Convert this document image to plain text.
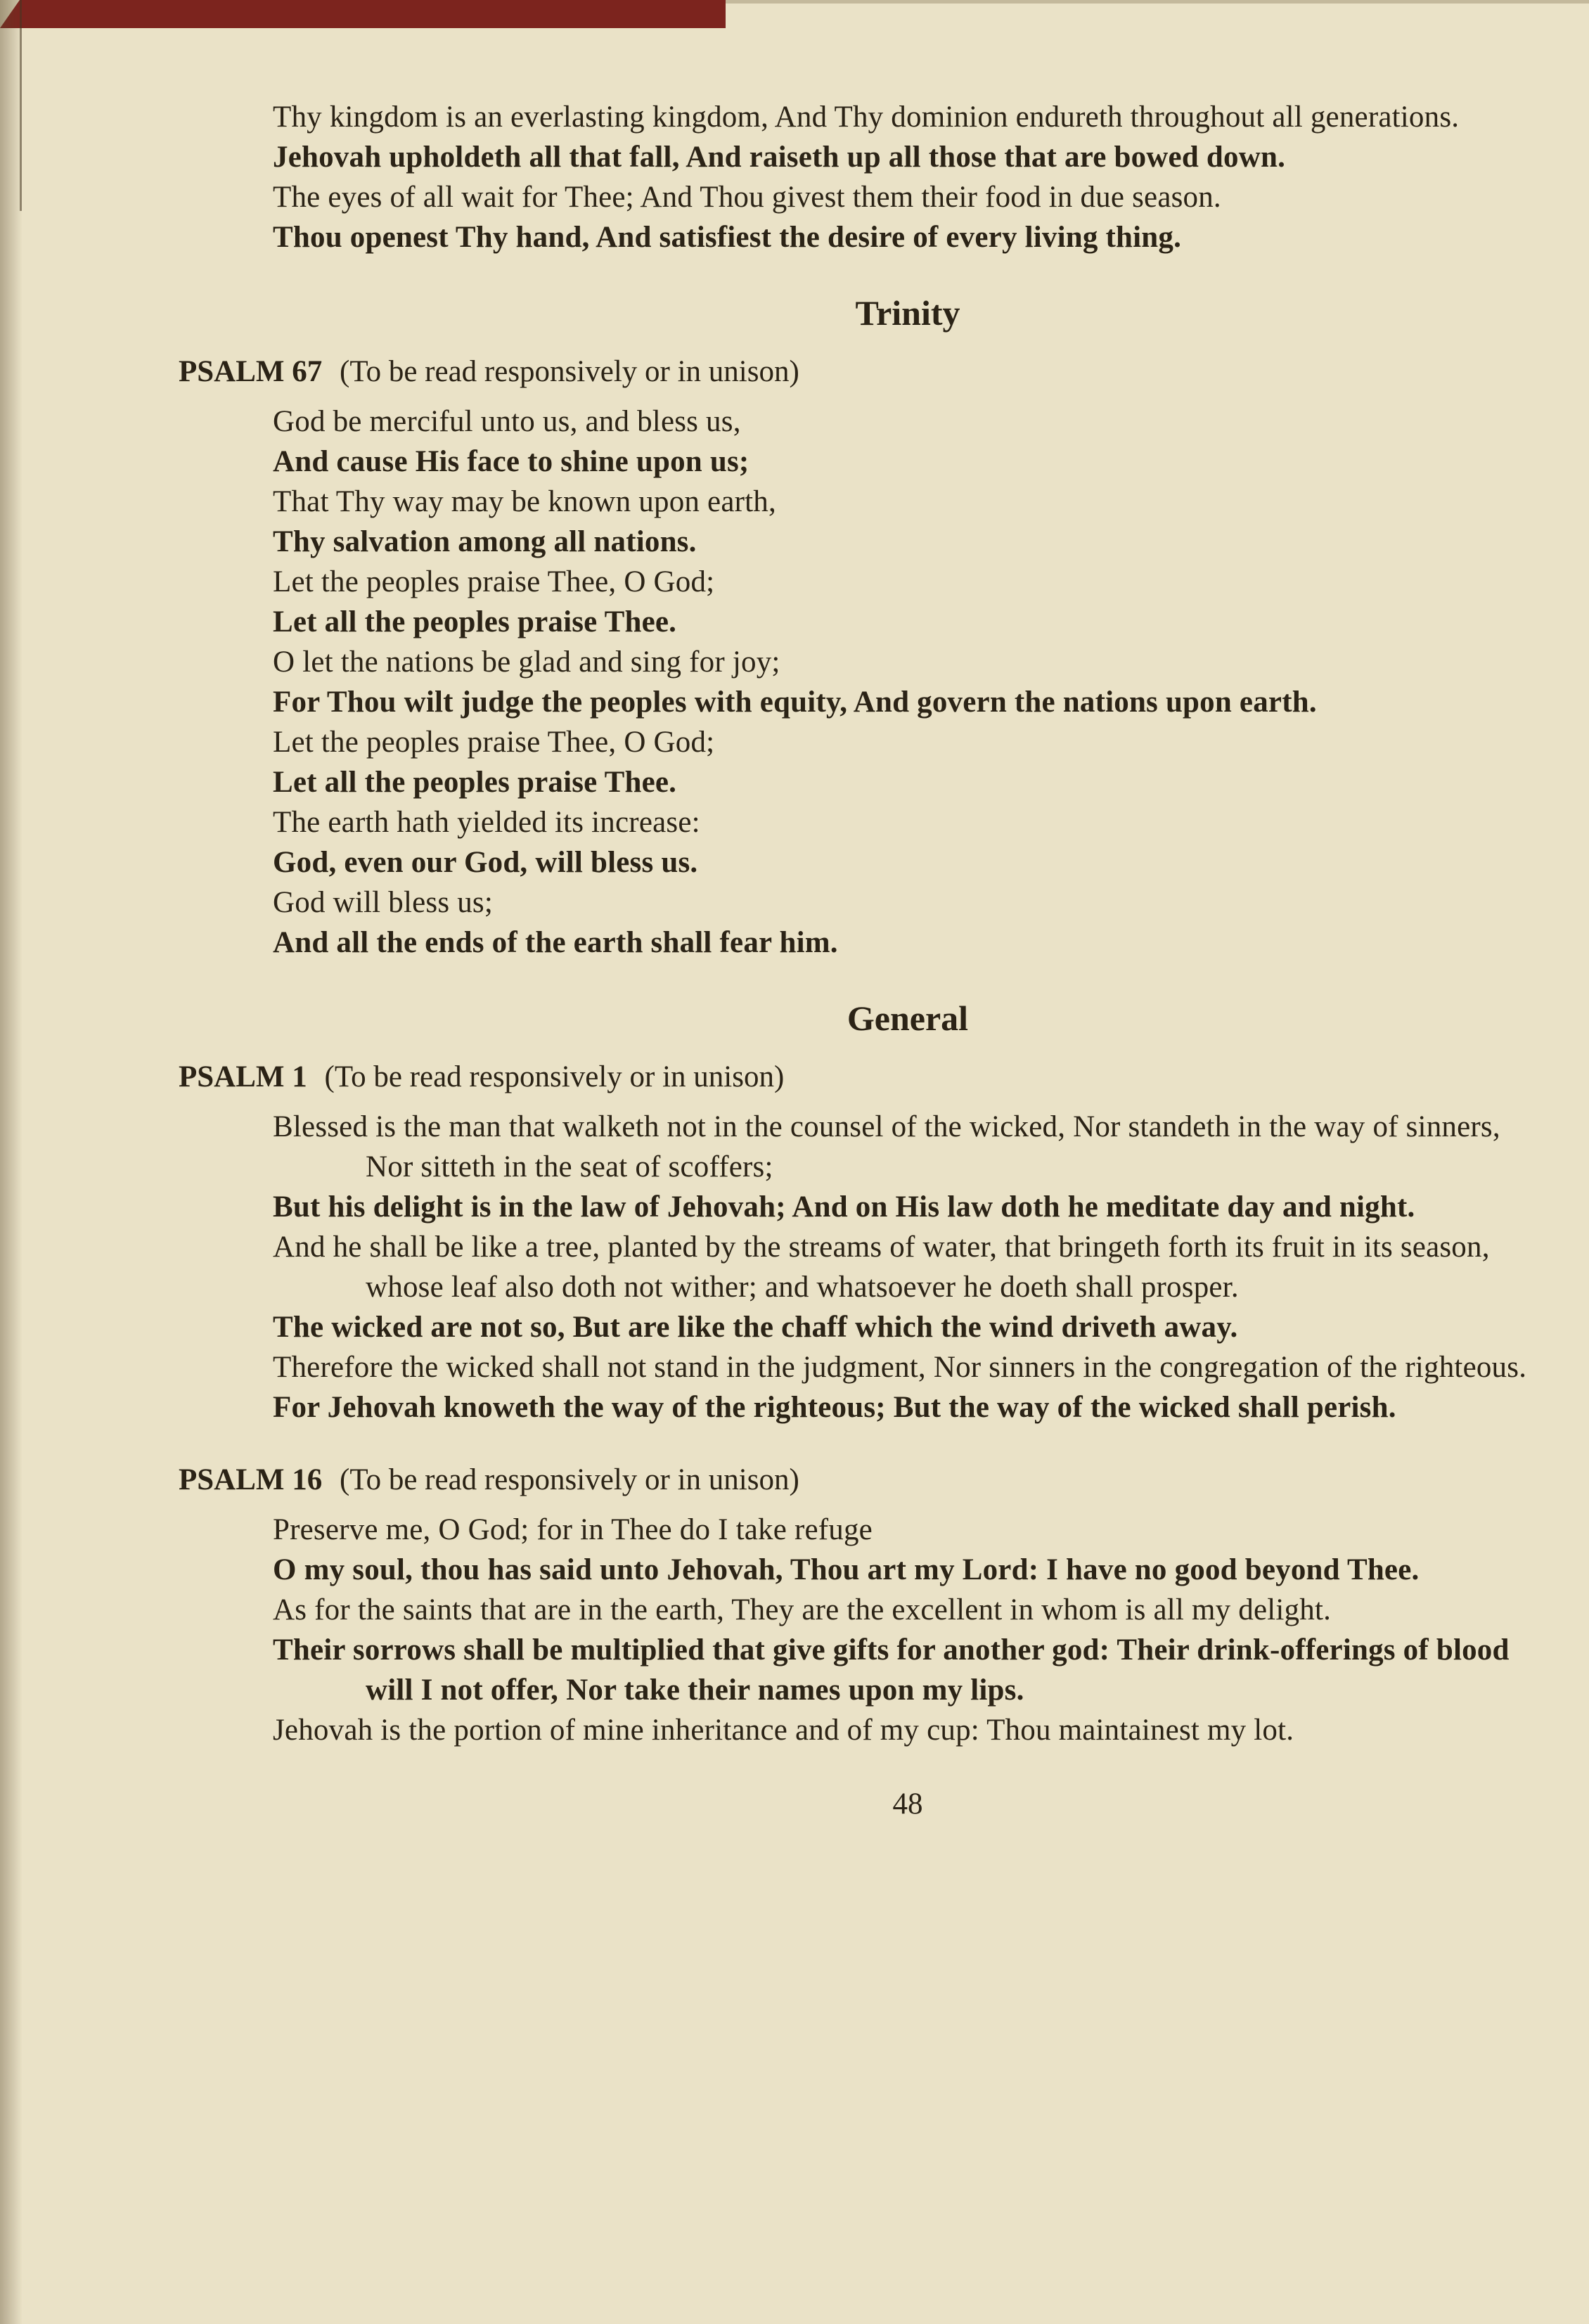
Thy kingdom is an everlasting kingdom, And Thy dominion endureth throughout all generations.

Jehovah upholdeth all that fall, And raiseth up all those that are bowed down.

The eyes of all wait for Thee; And Thou givest them their food in due season.

Thou openest Thy hand, And satisfiest the desire of every living thing.

Trinity

PSALM 67 (To be read responsively or in unison)

God be merciful unto us, and bless us,

And cause His face to shine upon us;

That Thy way may be known upon earth,

Thy salvation among all nations.

Let the peoples praise Thee, O God;

Let all the peoples praise Thee.

O let the nations be glad and sing for joy;

For Thou wilt judge the peoples with equity, And govern the nations upon earth.

Let the peoples praise Thee, O God;

Let all the peoples praise Thee.

The earth hath yielded its increase:

God, even our God, will bless us.

God will bless us;

And all the ends of the earth shall fear him.

General

PSALM 1 (To be read responsively or in unison)

Blessed is the man that walketh not in the counsel of the wicked, Nor standeth in the way of sinners, Nor sitteth in the seat of scoffers;

But his delight is in the law of Jehovah; And on His law doth he meditate day and night.

And he shall be like a tree, planted by the streams of water, that bringeth forth its fruit in its season, whose leaf also doth not wither; and whatsoever he doeth shall prosper.

The wicked are not so, But are like the chaff which the wind driveth away.

Therefore the wicked shall not stand in the judgment, Nor sinners in the congregation of the righteous.

For Jehovah knoweth the way of the righteous; But the way of the wicked shall perish.

PSALM 16 (To be read responsively or in unison)

Preserve me, O God; for in Thee do I take refuge

O my soul, thou has said unto Jehovah, Thou art my Lord: I have no good beyond Thee.

As for the saints that are in the earth, They are the excellent in whom is all my delight.

Their sorrows shall be multiplied that give gifts for another god: Their drink-offerings of blood will I not offer, Nor take their names upon my lips.

Jehovah is the portion of mine inheritance and of my cup: Thou maintainest my lot.

48
